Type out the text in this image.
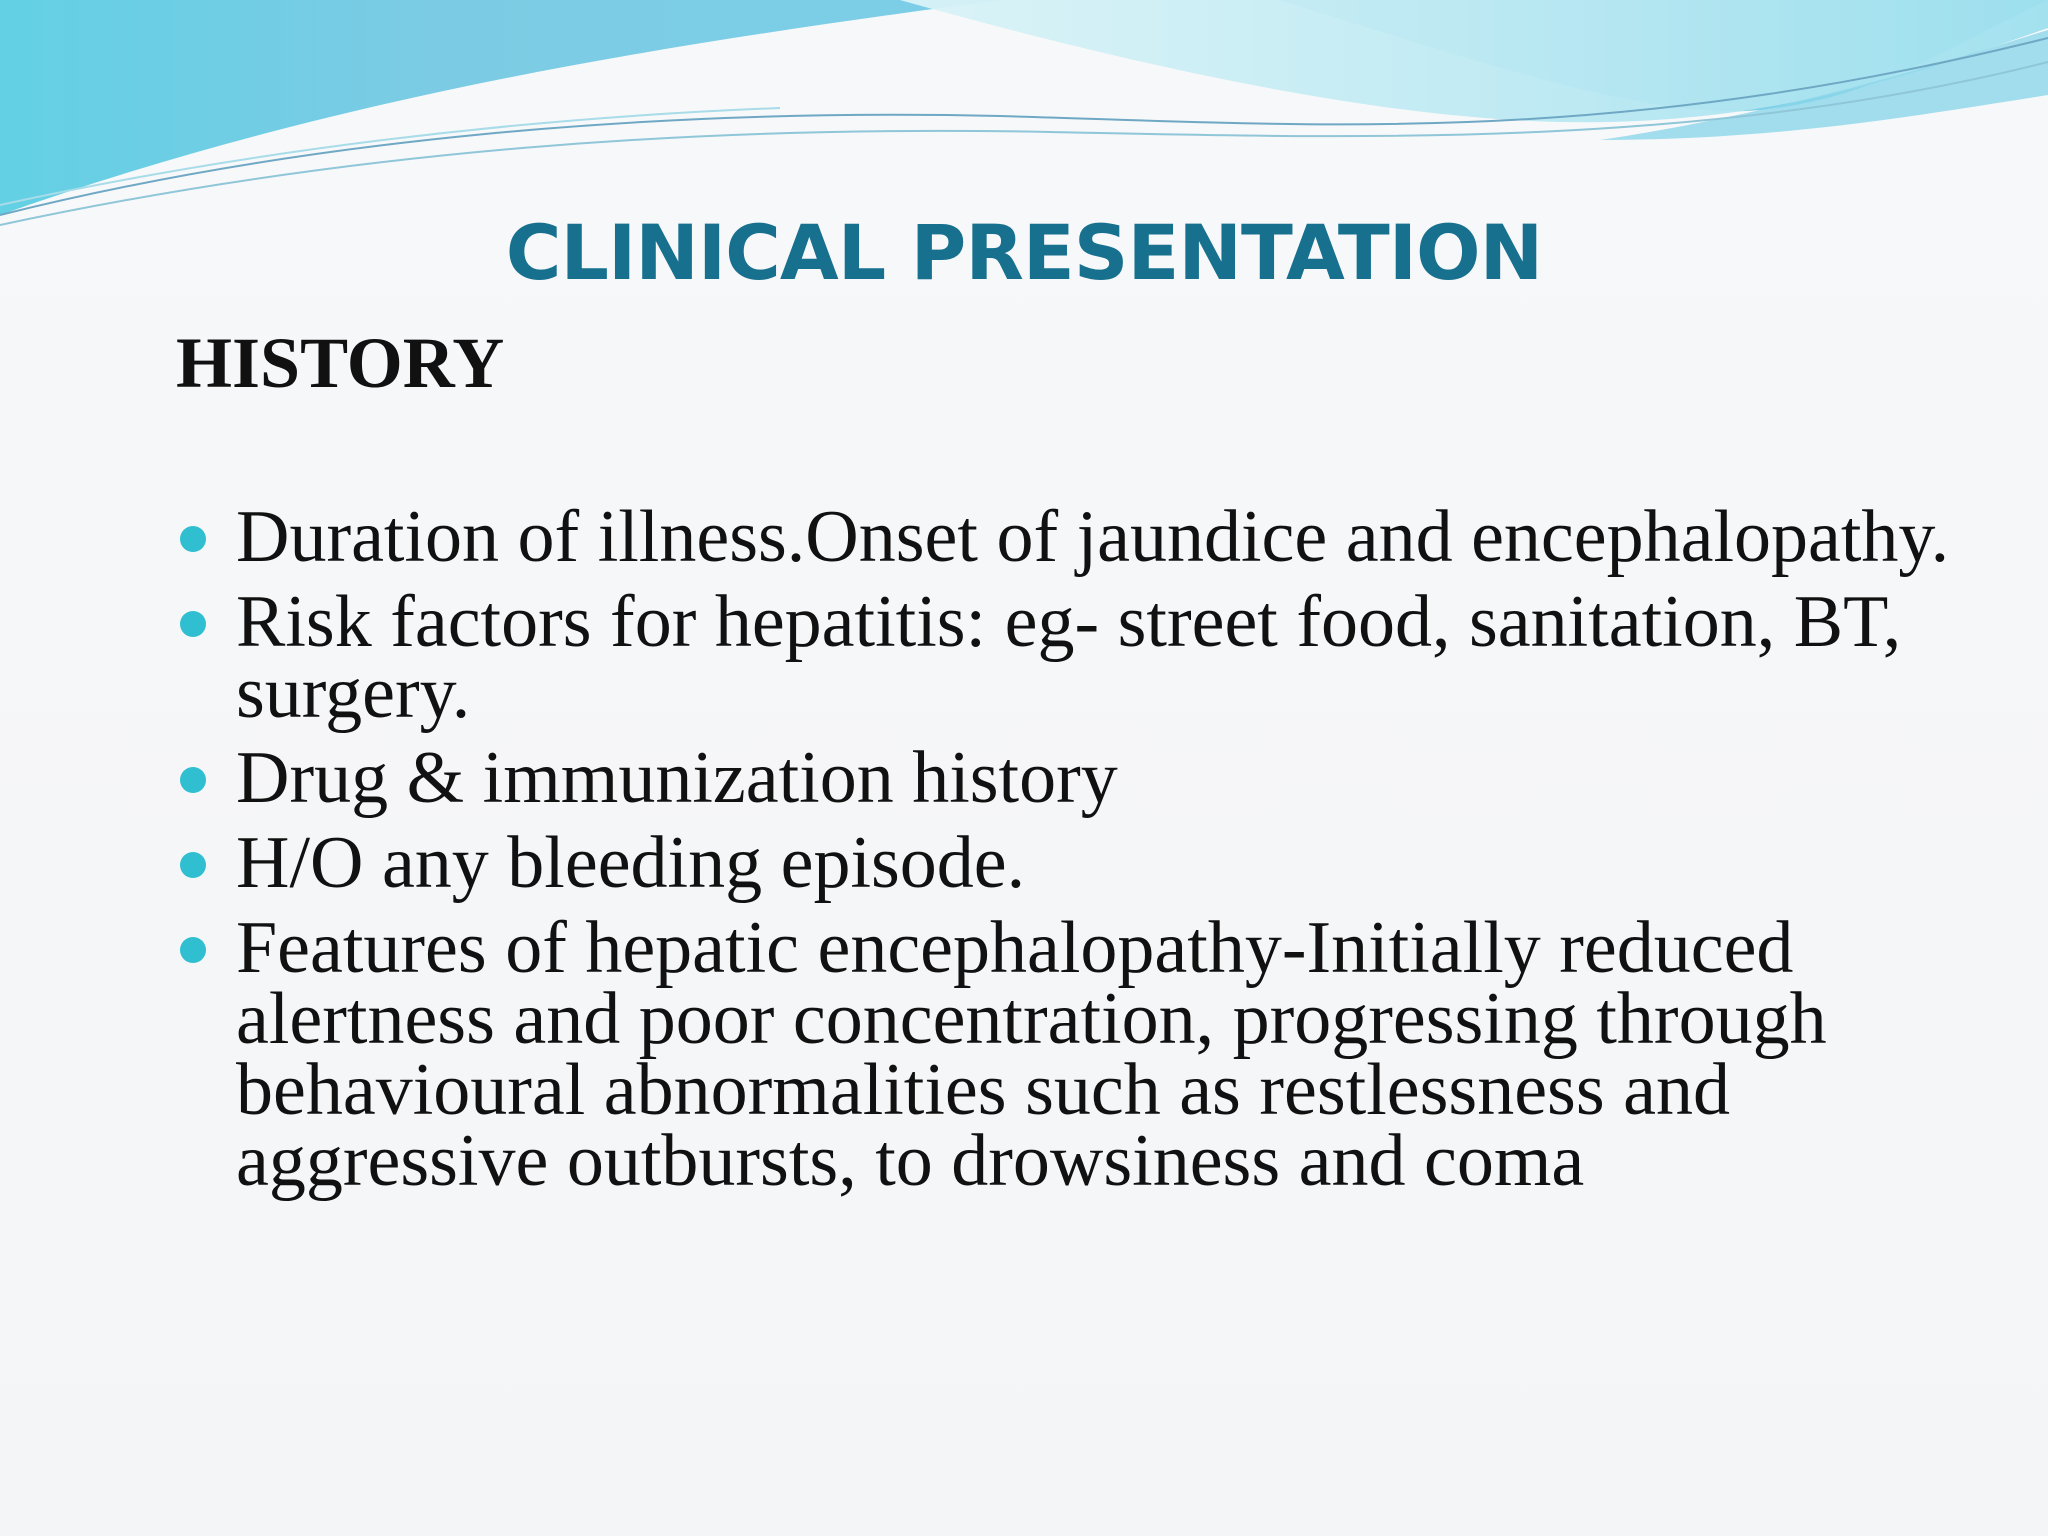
CLINICAL PRESENTATION
HISTORY
Duration of illness.Onset of jaundice and encephalopathy.
Risk factors for hepatitis: eg- street food, sanitation, BT, surgery.
Drug & immunization history
H/O any bleeding episode.
Features of hepatic encephalopathy-Initially reduced alertness and poor concentration, progressing through behavioural abnormalities such as restlessness and aggressive outbursts, to drowsiness and coma
